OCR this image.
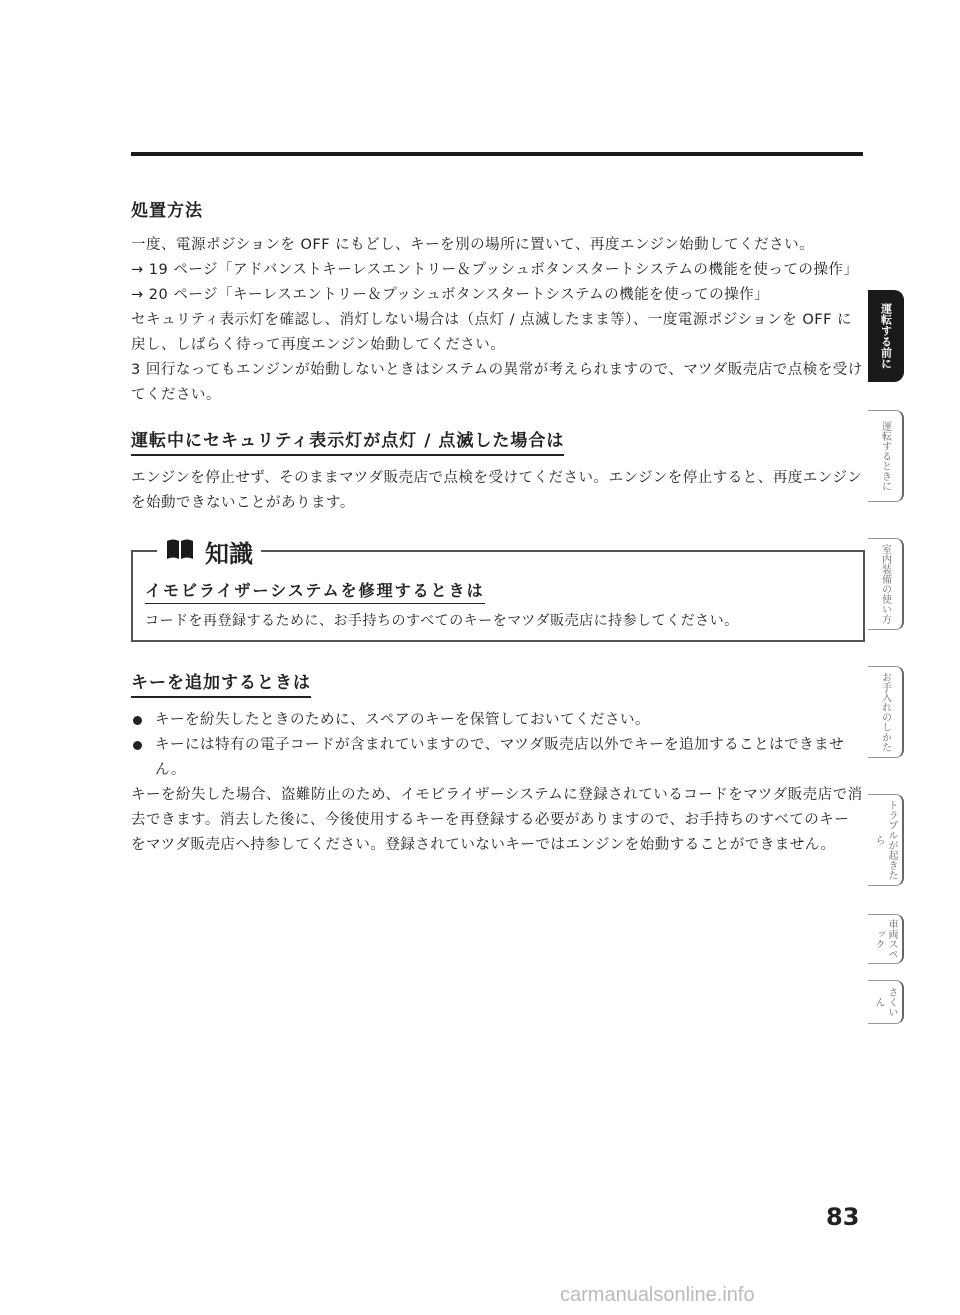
処置方法

一度、電源ポジションを OFF にもどし、キーを別の場所に置いて、再度エンジン始動してください。

→ 19 ページ「アドバンストキーレスエントリー＆プッシュボタンスタートシステムの機能を使っての操作」

→ 20 ページ「キーレスエントリー＆プッシュボタンスタートシステムの機能を使っての操作」

セキュリティ表示灯を確認し、消灯しない場合は（点灯 / 点滅したまま等）、一度電源ポジションを OFF に戻し、しばらく待って再度エンジン始動してください。

3 回行なってもエンジンが始動しないときはシステムの異常が考えられますので、マツダ販売店で点検を受けてください。

運転中にセキュリティ表示灯が点灯 / 点滅した場合は

エンジンを停止せず、そのままマツダ販売店で点検を受けてください。エンジンを停止すると、再度エンジンを始動できないことがあります。

知識
イモビライザーシステムを修理するときは
コードを再登録するために、お手持ちのすべてのキーをマツダ販売店に持参してください。
キーを追加するときは
キーを紛失したときのために、スペアのキーを保管しておいてください。
キーには特有の電子コードが含まれていますので、マツダ販売店以外でキーを追加することはできません。

キーを紛失した場合、盗難防止のため、イモビライザーシステムに登録されているコードをマツダ販売店で消去できます。消去した後に、今後使用するキーを再登録する必要がありますので、お手持ちのすべてのキーをマツダ販売店へ持参してください。登録されていないキーではエンジンを始動することができません。

運転する前に
運転するときに
室内装備の使い方
お手入れのしかた
トラブルが起きたら
車両スペック
さくいん
83
carmanualsonline.info
